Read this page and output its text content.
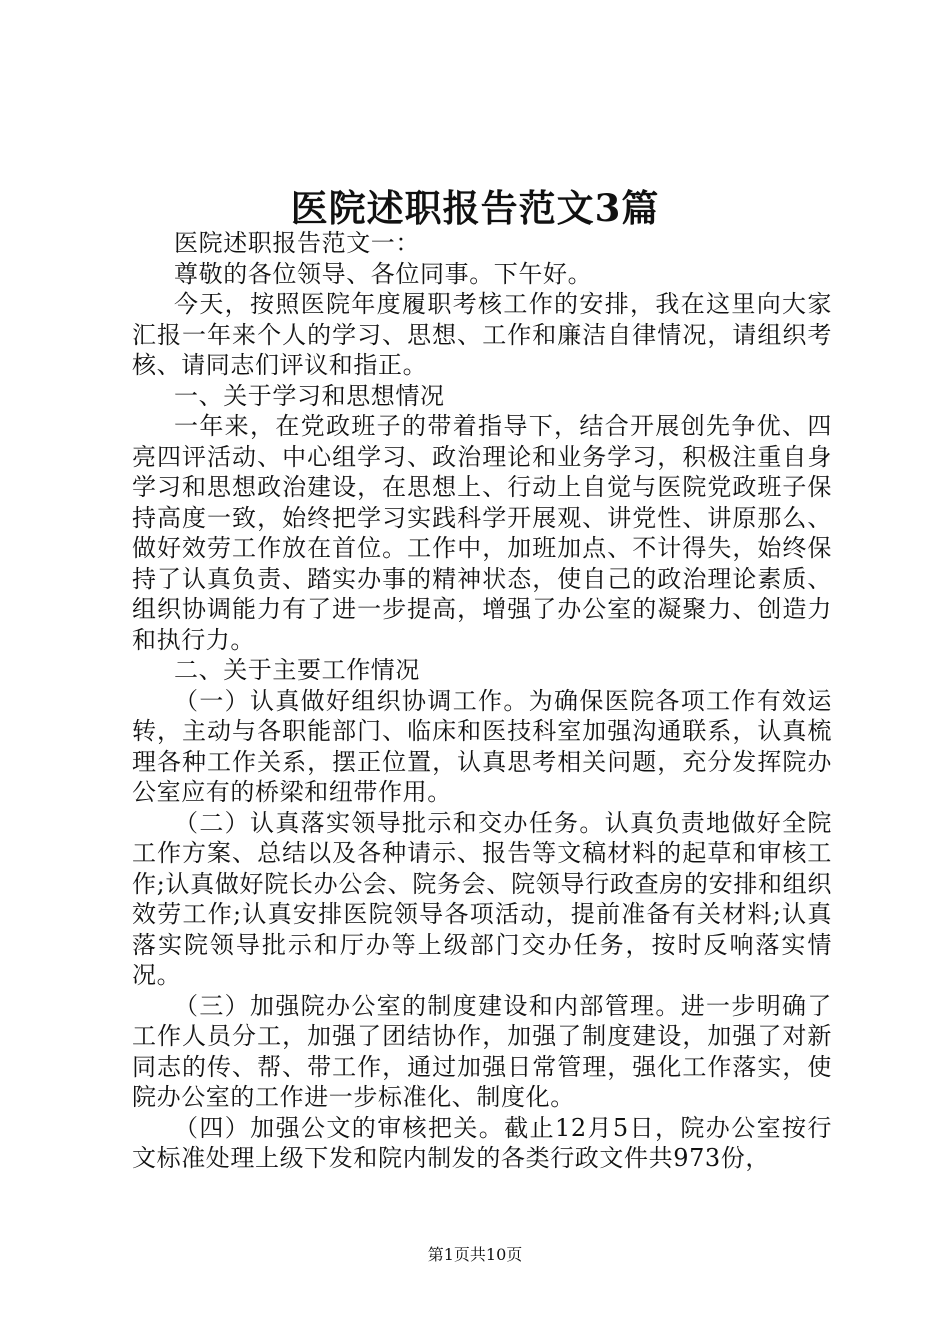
医院述职报告范文3篇

医院述职报告范文一：

尊敬的各位领导、各位同事。下午好。

今天，按照医院年度履职考核工作的安排，我在这里向大家汇报一年来个人的学习、思想、工作和廉洁自律情况，请组织考核、请同志们评议和指正。

一、关于学习和思想情况

一年来，在党政班子的带着指导下，结合开展创先争优、四亮四评活动、中心组学习、政治理论和业务学习，积极注重自身学习和思想政治建设，在思想上、行动上自觉与医院党政班子保持高度一致，始终把学习实践科学开展观、讲党性、讲原那么、做好效劳工作放在首位。工作中，加班加点、不计得失，始终保持了认真负责、踏实办事的精神状态，使自己的政治理论素质、组织协调能力有了进一步提高，增强了办公室的凝聚力、创造力和执行力。

二、关于主要工作情况

（一）认真做好组织协调工作。为确保医院各项工作有效运转，主动与各职能部门、临床和医技科室加强沟通联系，认真梳理各种工作关系，摆正位置，认真思考相关问题，充分发挥院办公室应有的桥梁和纽带作用。

（二）认真落实领导批示和交办任务。认真负责地做好全院工作方案、总结以及各种请示、报告等文稿材料的起草和审核工作;认真做好院长办公会、院务会、院领导行政查房的安排和组织效劳工作;认真安排医院领导各项活动，提前准备有关材料;认真落实院领导批示和厅办等上级部门交办任务，按时反响落实情况。

（三）加强院办公室的制度建设和内部管理。进一步明确了工作人员分工，加强了团结协作，加强了制度建设，加强了对新同志的传、帮、带工作，通过加强日常管理，强化工作落实，使院办公室的工作进一步标准化、制度化。

（四）加强公文的审核把关。截止12月5日，院办公室按行文标准处理上级下发和院内制发的各类行政文件共973份，

第1页共10页
